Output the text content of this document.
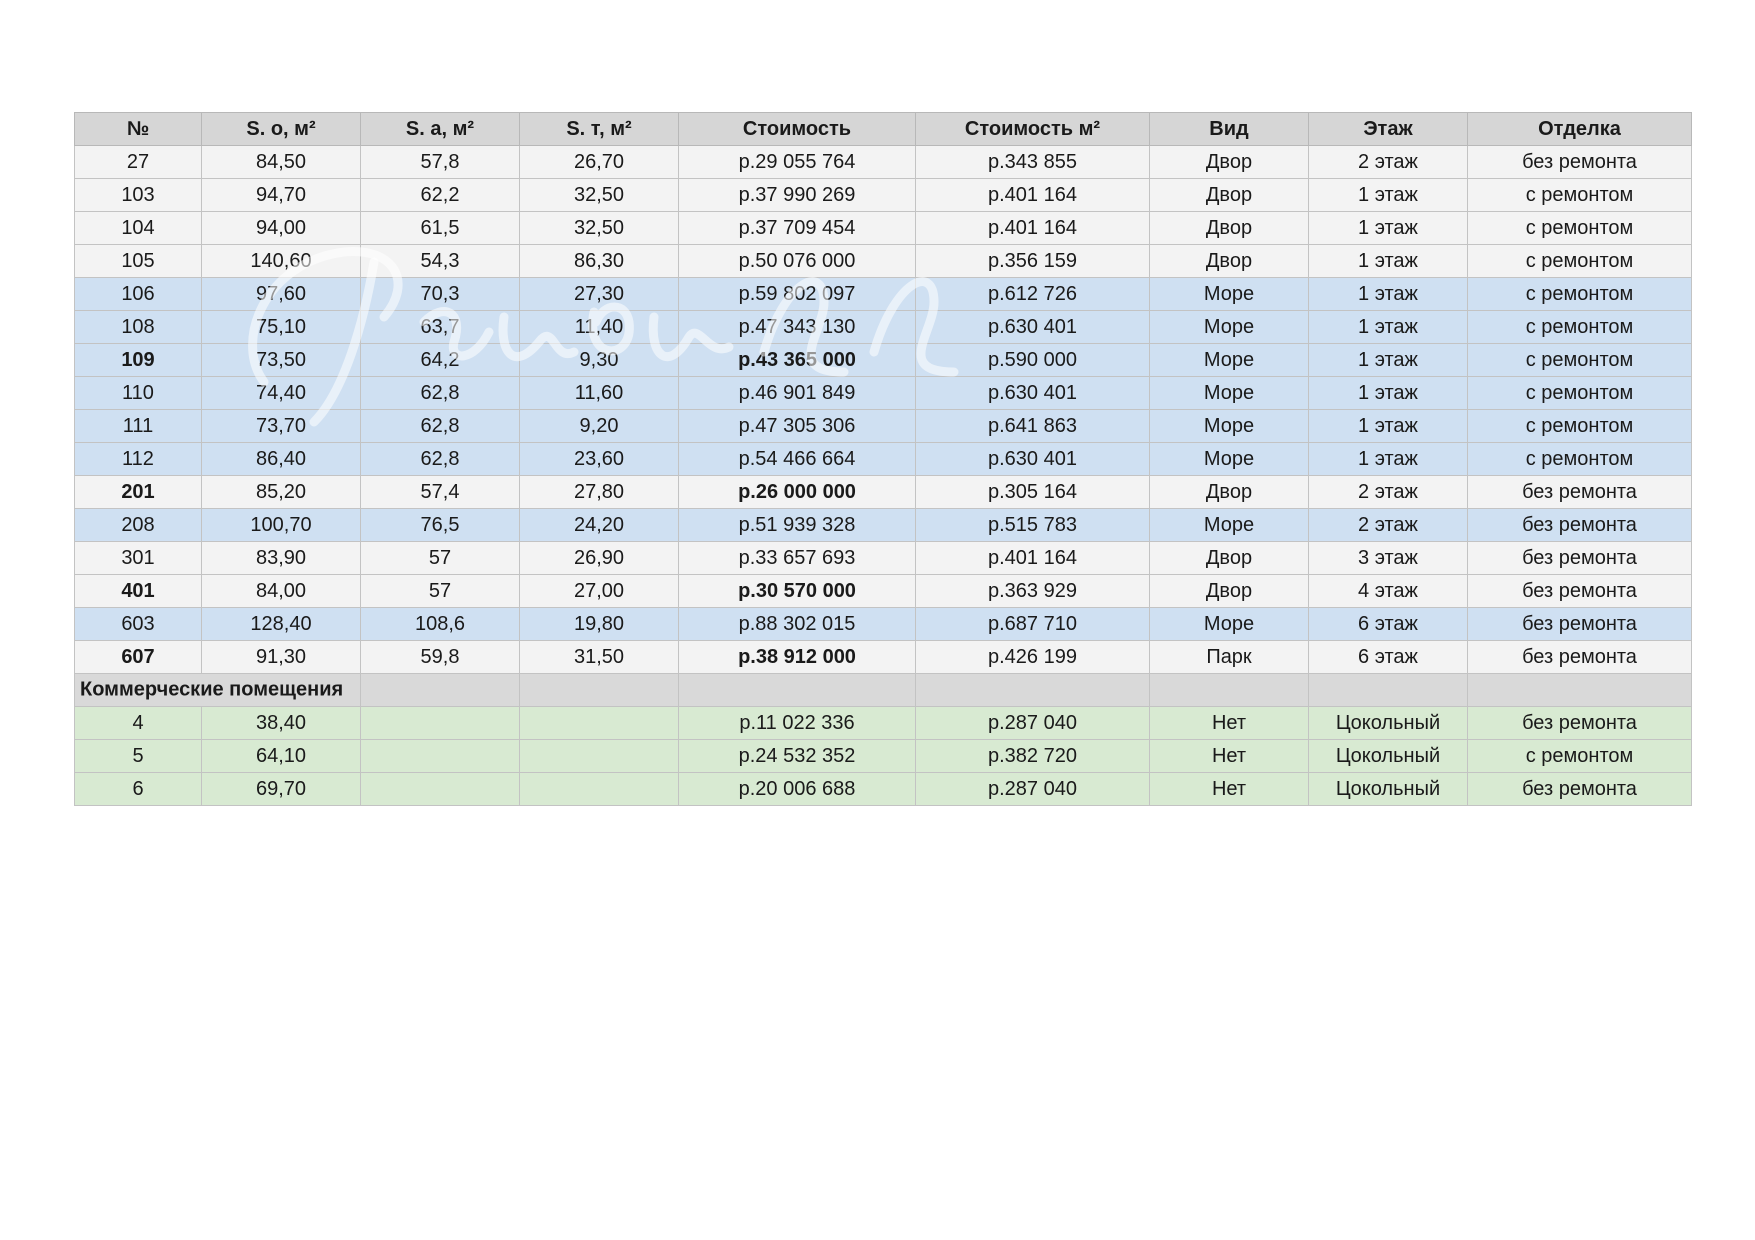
№	S. о, м²	S. а, м²	S. т, м²	Стоимость	Стоимость м²	Вид	Этаж	Отделка
27	84,50	57,8	26,70	р.29 055 764	р.343 855	Двор	2 этаж	без ремонта
103	94,70	62,2	32,50	р.37 990 269	р.401 164	Двор	1 этаж	с ремонтом
104	94,00	61,5	32,50	р.37 709 454	р.401 164	Двор	1 этаж	с ремонтом
105	140,60	54,3	86,30	р.50 076 000	р.356 159	Двор	1 этаж	с ремонтом
106	97,60	70,3	27,30	р.59 802 097	р.612 726	Море	1 этаж	с ремонтом
108	75,10	63,7	11,40	р.47 343 130	р.630 401	Море	1 этаж	с ремонтом
109	73,50	64,2	9,30	р.43 365 000	р.590 000	Море	1 этаж	с ремонтом
110	74,40	62,8	11,60	р.46 901 849	р.630 401	Море	1 этаж	с ремонтом
111	73,70	62,8	9,20	р.47 305 306	р.641 863	Море	1 этаж	с ремонтом
112	86,40	62,8	23,60	р.54 466 664	р.630 401	Море	1 этаж	с ремонтом
201	85,20	57,4	27,80	р.26 000 000	р.305 164	Двор	2 этаж	без ремонта
208	100,70	76,5	24,20	р.51 939 328	р.515 783	Море	2 этаж	без ремонта
301	83,90	57	26,90	р.33 657 693	р.401 164	Двор	3 этаж	без ремонта
401	84,00	57	27,00	р.30 570 000	р.363 929	Двор	4 этаж	без ремонта
603	128,40	108,6	19,80	р.88 302 015	р.687 710	Море	6 этаж	без ремонта
607	91,30	59,8	31,50	р.38 912 000	р.426 199	Парк	6 этаж	без ремонта

Коммерческие помещения								

4	38,40			р.11 022 336	р.287 040	Нет	Цокольный	без ремонта
5	64,10			р.24 532 352	р.382 720	Нет	Цокольный	с ремонтом
6	69,70			р.20 006 688	р.287 040	Нет	Цокольный	без ремонта
